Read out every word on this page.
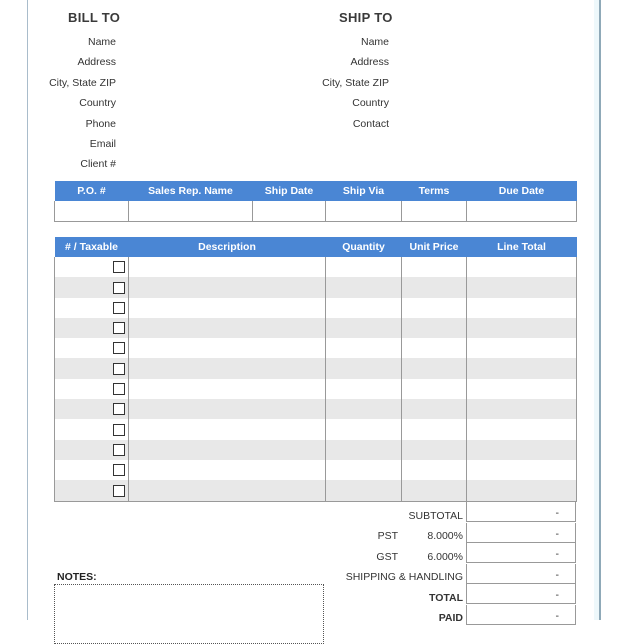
BILL TO
Name
Address
City, State ZIP
Country
Phone
Email
Client #
SHIP TO
Name
Address
City, State ZIP
Country
Contact
P.O. #	Sales Rep. Name	Ship Date	Ship Via	Terms	Due Date

# / Taxable	Description	Quantity	Unit Price	Line Total

SUBTOTAL	-
PST	8.000%	-
GST	6.000%	-
SHIPPING & HANDLING	-
TOTAL	-
PAID	-
NOTES:
